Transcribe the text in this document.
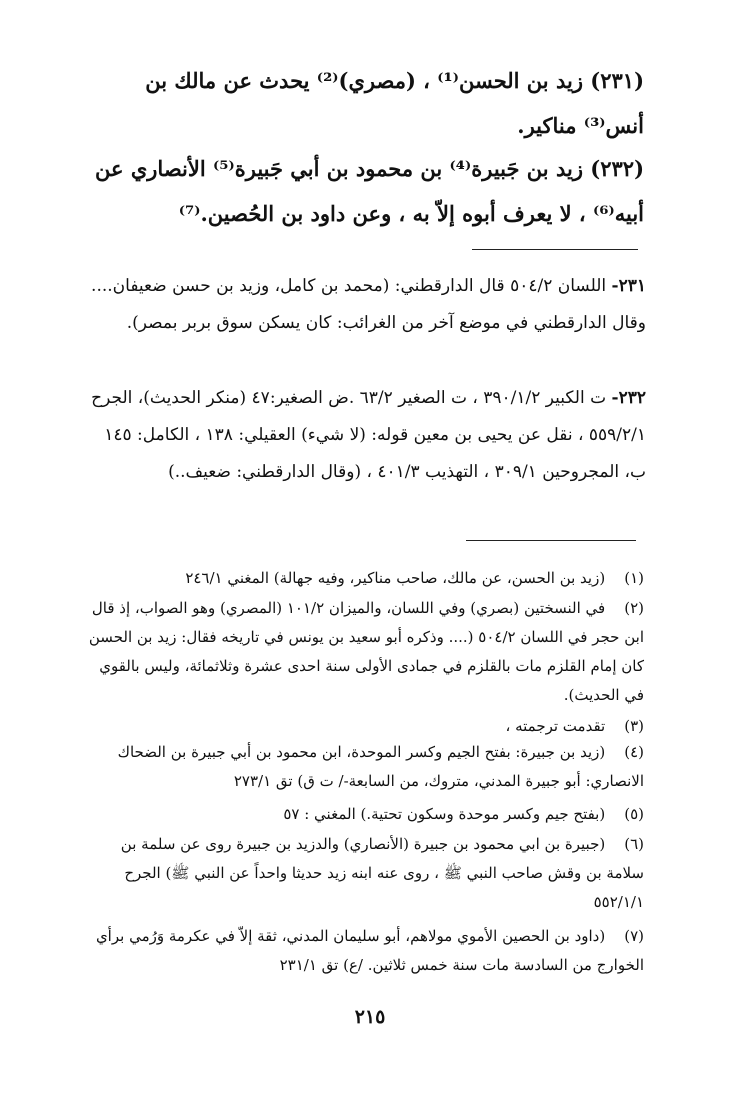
(٢٣١) زيد بن الحسن⁽¹⁾ ، (مصري)⁽²⁾ يحدث عن مالك بن أنس⁽³⁾ مناكير.
(٢٣٢) زيد بن جَبيرة⁽⁴⁾ بن محمود بن أبي جَبيرة⁽⁵⁾ الأنصاري عن أبيه⁽⁶⁾ ، لا يعرف أبوه إلاّ به ، وعن داود بن الحُصين.⁽⁷⁾
٢٣١- اللسان ٥٠٤/٢ قال الدارقطني: (محمد بن كامل، وزيد بن حسن ضعيفان.... وقال الدارقطني في موضع آخر من الغرائب: كان يسكن سوق بربر بمصر).
٢٣٢- ت الكبير ٣٩٠/١/٢ ، ت الصغير ٦٣/٢ .ض الصغير:٤٧ (منكر الحديث)، الجرح ٥٥٩/٢/١ ، نقل عن يحيى بن معين قوله: (لا شيء) العقيلي: ١٣٨ ، الكامل: ١٤٥ ب، المجروحين ٣٠٩/١ ، التهذيب ٤٠١/٣ ، (وقال الدارقطني: ضعيف..)
(١) (زيد بن الحسن، عن مالك، صاحب مناكير، وفيه جهالة) المغني ٢٤٦/١
(٢) في النسختين (بصري) وفي اللسان، والميزان ١٠١/٢ (المصري) وهو الصواب، إذ قال ابن حجر في اللسان ٥٠٤/٢ (.... وذكره أبو سعيد بن يونس في تاريخه فقال: زيد بن الحسن كان إمام القلزم مات بالقلزم في جمادى الأولى سنة احدى عشرة وثلاثمائة، وليس بالقوي في الحديث).
(٣) تقدمت ترجمته ،
(٤) (زيد بن جبيرة: بفتح الجيم وكسر الموحدة، ابن محمود بن أبي جبيرة بن الضحاك الانصاري: أبو جبيرة المدني، متروك، من السابعة-/ ت ق) تق ٢٧٣/١
(٥) (بفتح جيم وكسر موحدة وسكون تحتية.) المغني : ٥٧
(٦) (جبيرة بن ابي محمود بن جبيرة (الأنصاري) والدزيد بن جبيرة روى عن سلمة بن سلامة بن وقش صاحب النبي ﷺ ، روى عنه ابنه زيد حديثا واحداً عن النبي ﷺ) الجرح ٥٥٢/١/١
(٧) (داود بن الحصين الأموي مولاهم، أبو سليمان المدني، ثقة إلاّ في عكرمة وَرُمي برأي الخوارج من السادسة مات سنة خمس ثلاثين. /ع) تق ٢٣١/١
٢١٥
